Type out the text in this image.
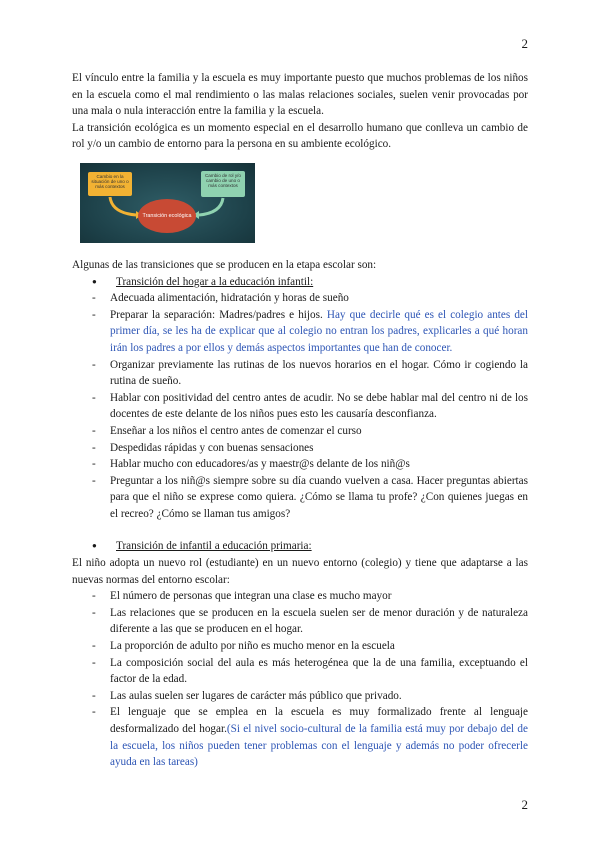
2

El vínculo entre la familia y la escuela es muy importante puesto que muchos problemas de los niños en la escuela como el mal rendimiento o las malas relaciones sociales, suelen venir provocadas por una mala o nula interacción entre la familia y la escuela.

La transición ecológica es un momento especial en el desarrollo humano que conlleva un cambio de rol y/o un cambio de entorno para la persona en su ambiente ecológico.

Cambio en la situación de uno o más contextos
Cambio de rol y/o cambio de uno o más contextos
Transición ecológica

Algunas de las transiciones que se producen en la etapa escolar son:

● Transición del hogar a la educación infantil:
- Adecuada alimentación, hidratación y horas de sueño
- Preparar la separación: Madres/padres e hijos. Hay que decirle qué es el colegio antes del primer día, se les ha de explicar que al colegio no entran los padres, explicarles a qué horan irán los padres a por ellos y demás aspectos importantes que han de conocer.
- Organizar previamente las rutinas de los nuevos horarios en el hogar. Cómo ir cogiendo la rutina de sueño.
- Hablar con positividad del centro antes de acudir. No se debe hablar mal del centro ni de los docentes de este delante de los niños pues esto les causaría desconfianza.
- Enseñar a los niños el centro antes de comenzar el curso
- Despedidas rápidas y con buenas sensaciones
- Hablar mucho con educadores/as y maestr@s delante de los niñ@s
- Preguntar a los niñ@s siempre sobre su día cuando vuelven a casa. Hacer preguntas abiertas para que el niño se exprese como quiera. ¿Cómo se llama tu profe? ¿Con quienes juegas en el recreo? ¿Cómo se llaman tus amigos?
● Transición de infantil a educación primaria:

El niño adopta un nuevo rol (estudiante) en un nuevo entorno (colegio) y tiene que adaptarse a las nuevas normas del entorno escolar:

- El número de personas que integran una clase es mucho mayor
- Las relaciones que se producen en la escuela suelen ser de menor duración y de naturaleza diferente a las que se producen en el hogar.
- La proporción de adulto por niño es mucho menor en la escuela
- La composición social del aula es más heterogénea que la de una familia, exceptuando el factor de la edad.
- Las aulas suelen ser lugares de carácter más público que privado.
- El lenguaje que se emplea en la escuela es muy formalizado frente al lenguaje desformalizado del hogar.(Si el nivel socio-cultural de la familia está muy por debajo del de la escuela, los niños pueden tener problemas con el lenguaje y además no poder ofrecerle ayuda en las tareas)
2
